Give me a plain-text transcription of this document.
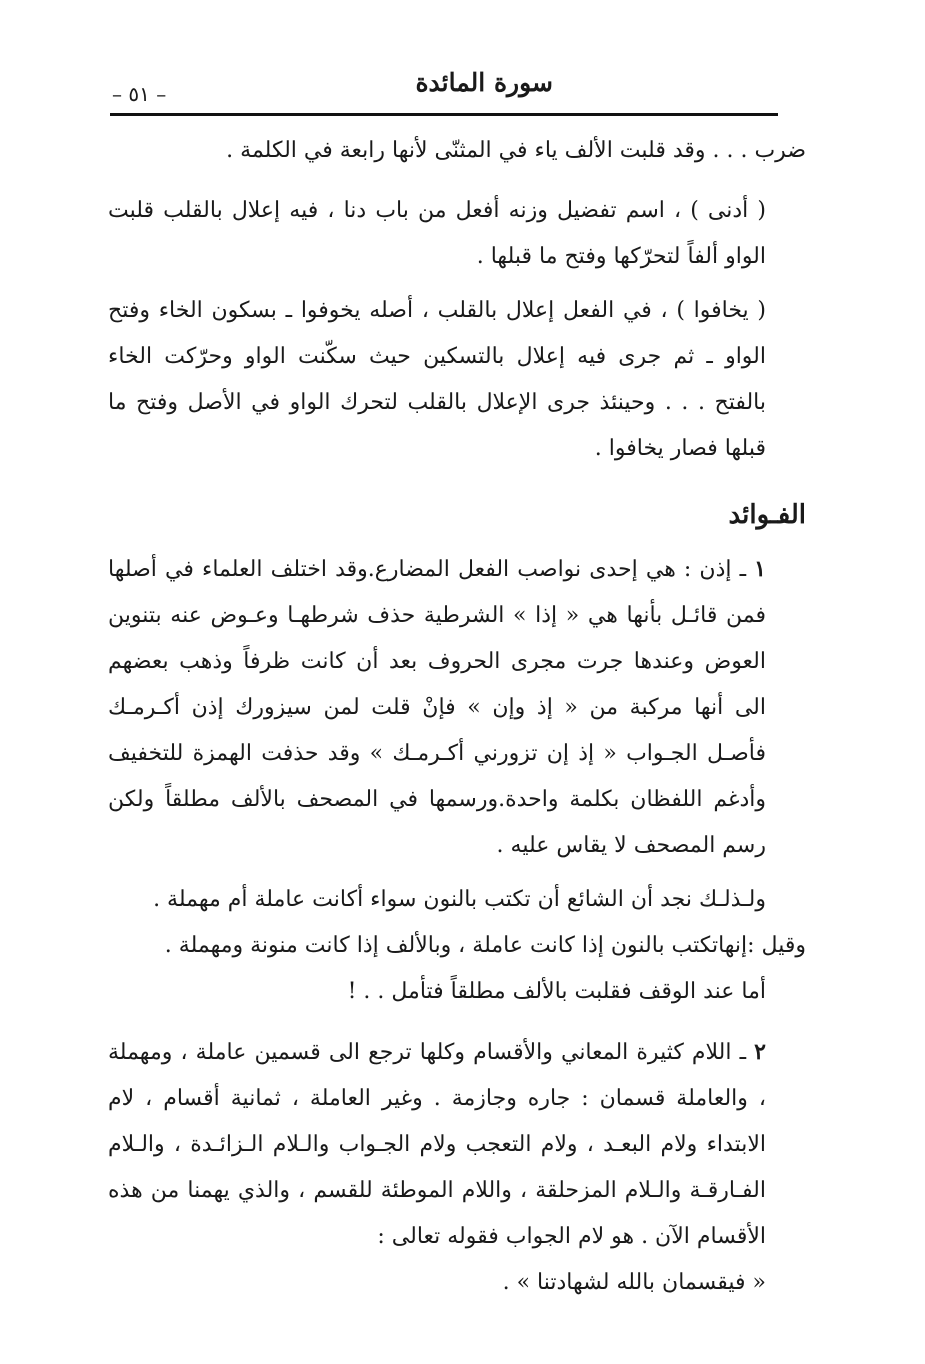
سورة المائدة
– ٥١ –

ضرب . . . وقد قلبت الألف ياء في المثنّى لأنها رابعة في الكلمة .

( أدنى ) ، اسم تفضيل وزنه أفعل من باب دنا ، فيه إعلال بالقلب قلبت الواو ألفاً لتحرّكها وفتح ما قبلها .

( يخافوا ) ، في الفعل إعلال بالقلب ، أصله يخوفوا ـ بسكون الخاء وفتح الواو ـ ثم جرى فيه إعلال بالتسكين حيث سكّنت الواو وحرّكت الخاء بالفتح . . . وحينئذ جرى الإعلال بالقلب لتحرك الواو في الأصل وفتح ما قبلها فصار يخافوا .

الفـوائد

١ ـ إذن : هي إحدى نواصب الفعل المضارع.وقد اختلف العلماء في أصلها فمن قائـل بأنها هي « إذا » الشرطية حذف شرطهـا وعـوض عنه بتنوين العوض وعندها جرت مجرى الحروف بعد أن كانت ظرفاً وذهب بعضهم الى أنها مركبة من « إذ وإن » فإنْ قلت لمن سيزورك إذن أكـرمـك فأصـل الجـواب « إذ إن تزورني أكـرمـك » وقد حذفت الهمزة للتخفيف وأدغم اللفظان بكلمة واحدة.ورسمها في المصحف بالألف مطلقاً ولكن رسم المصحف لا يقاس عليه .

ولـذلـك نجد أن الشائع أن تكتب بالنون سواء أكانت عاملة أم مهملة .

وقيل :إنهاتكتب بالنون إذا كانت عاملة ، وبالألف إذا كانت منونة ومهملة .

أما عند الوقف فقلبت بالألف مطلقاً فتأمل . . !

٢ ـ اللام كثيرة المعاني والأقسام وكلها ترجع الى قسمين عاملة ، ومهملة ، والعاملة قسمان : جاره وجازمة . وغير العاملة ، ثمانية أقسام ، لام الابتداء ولام البعـد ، ولام التعجب ولام الجـواب والـلام الـزائـدة ، والـلام الفـارقـة والـلام المزحلقة ، واللام الموطئة للقسم ، والذي يهمنا من هذه الأقسام الآن . هو لام الجواب فقوله تعالى :

« فيقسمان بالله لشهادتنا » .
